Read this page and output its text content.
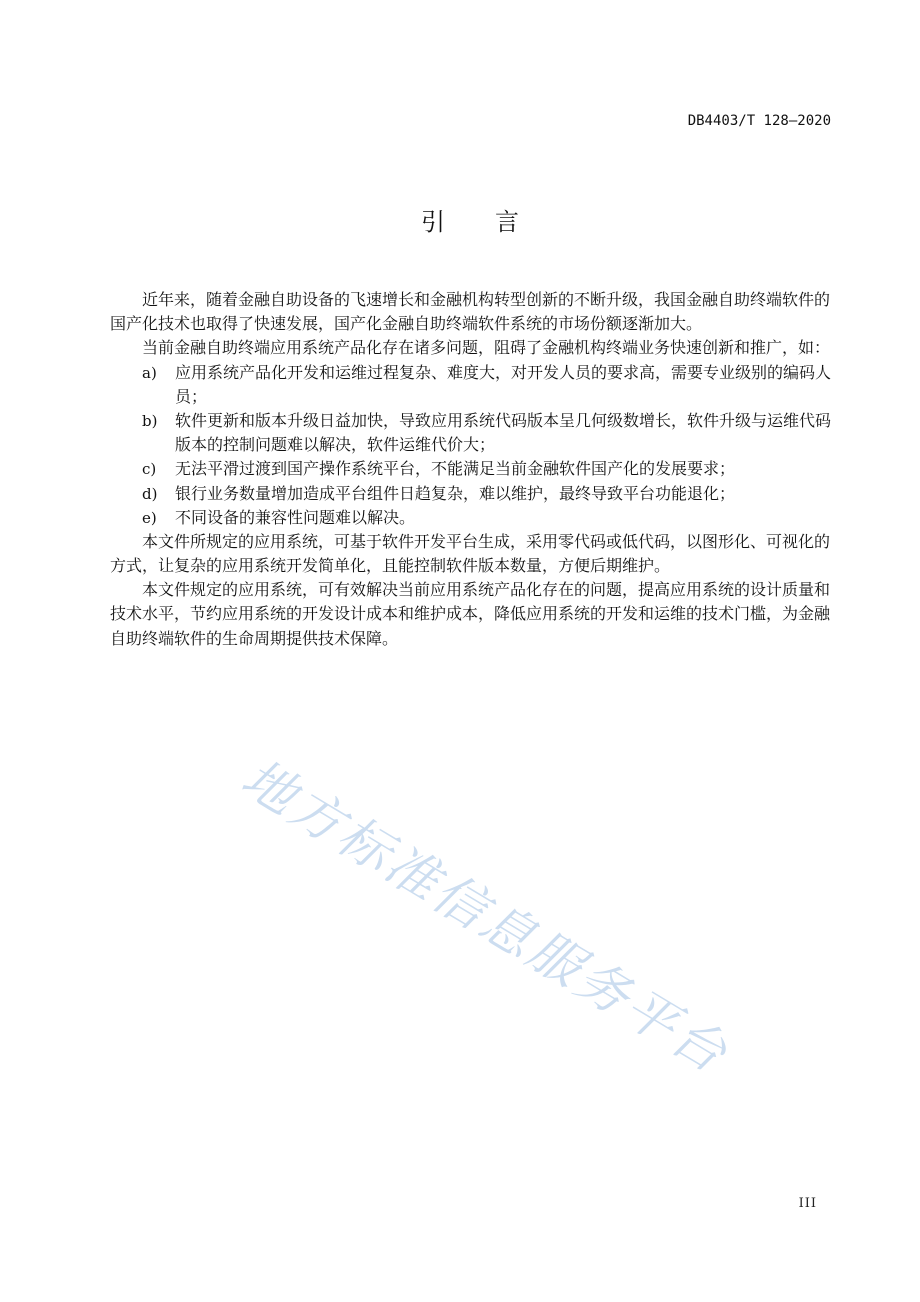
DB4403/T 128—2020
引　言
近年来，随着金融自助设备的飞速增长和金融机构转型创新的不断升级，我国金融自助终端软件的
国产化技术也取得了快速发展，国产化金融自助终端软件系统的市场份额逐渐加大。
当前金融自助终端应用系统产品化存在诸多问题，阻碍了金融机构终端业务快速创新和推广，如：
a)	应用系统产品化开发和运维过程复杂、难度大，对开发人员的要求高，需要专业级别的编码人
员；
b)	软件更新和版本升级日益加快，导致应用系统代码版本呈几何级数增长，软件升级与运维代码
版本的控制问题难以解决，软件运维代价大；
c)	无法平滑过渡到国产操作系统平台，不能满足当前金融软件国产化的发展要求；
d)	银行业务数量增加造成平台组件日趋复杂，难以维护，最终导致平台功能退化；
e)	不同设备的兼容性问题难以解决。
本文件所规定的应用系统，可基于软件开发平台生成，采用零代码或低代码，以图形化、可视化的
方式，让复杂的应用系统开发简单化，且能控制软件版本数量，方便后期维护。
本文件规定的应用系统，可有效解决当前应用系统产品化存在的问题，提高应用系统的设计质量和
技术水平，节约应用系统的开发设计成本和维护成本，降低应用系统的开发和运维的技术门槛，为金融
自助终端软件的生命周期提供技术保障。
地方标准信息服务平台
III
